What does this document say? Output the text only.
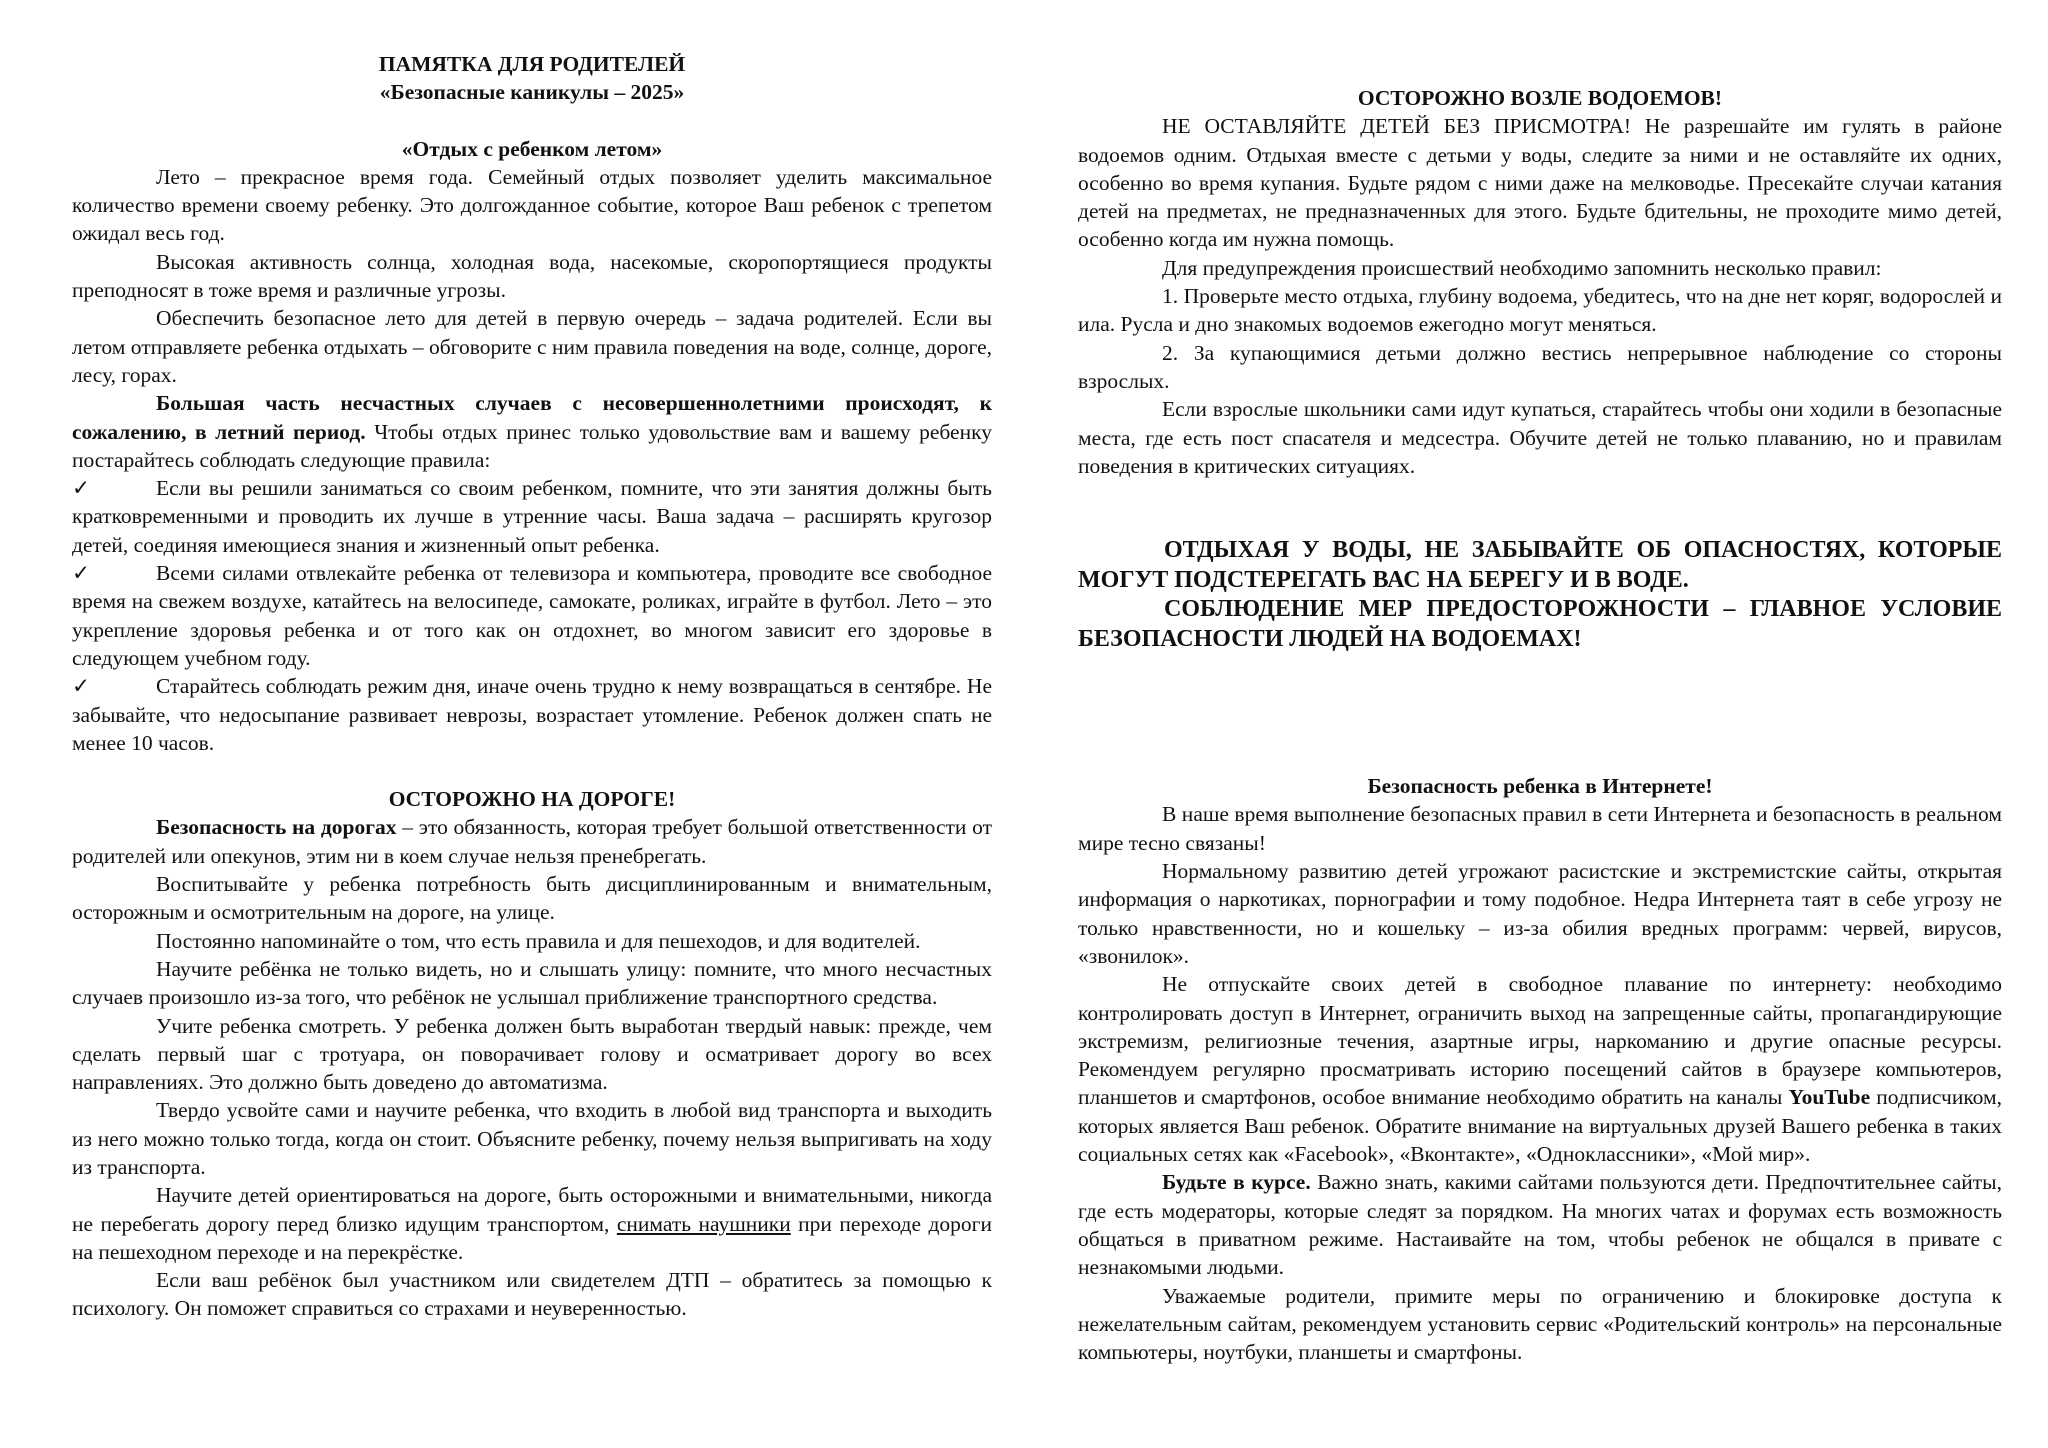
ПАМЯТКА ДЛЯ РОДИТЕЛЕЙ

«Безопасные каникулы – 2025»

«Отдых с ребенком летом»

Лето – прекрасное время года. Семейный отдых позволяет уделить максимальное количество времени своему ребенку. Это долгожданное событие, которое Ваш ребенок с трепетом ожидал весь год.

Высокая активность солнца, холодная вода, насекомые, скоропортящиеся продукты преподносят в тоже время и различные угрозы.

Обеспечить безопасное лето для детей в первую очередь – задача родителей. Если вы летом отправляете ребенка отдыхать – обговорите с ним правила поведения на воде, солнце, дороге, лесу, горах.

Большая часть несчастных случаев с несовершеннолетними происходят, к сожалению, в летний период. Чтобы отдых принес только удовольствие вам и вашему ребенку постарайтесь соблюдать следующие правила:

✓	Если вы решили заниматься со своим ребенком, помните, что эти занятия должны быть кратковременными и проводить их лучше в утренние часы. Ваша задача – расширять кругозор детей, соединяя имеющиеся знания и жизненный опыт ребенка.

✓	Всеми силами отвлекайте ребенка от телевизора и компьютера, проводите все свободное время на свежем воздухе, катайтесь на велосипеде, самокате, роликах, играйте в футбол. Лето – это укрепление здоровья ребенка и от того как он отдохнет, во многом зависит его здоровье в следующем учебном году.

✓	Старайтесь соблюдать режим дня, иначе очень трудно к нему возвращаться в сентябре. Не забывайте, что недосыпание развивает неврозы, возрастает утомление. Ребенок должен спать не менее 10 часов.

ОСТОРОЖНО НА ДОРОГЕ!

Безопасность на дорогах – это обязанность, которая требует большой ответственности от родителей или опекунов, этим ни в коем случае нельзя пренебрегать.

Воспитывайте у ребенка потребность быть дисциплинированным и внимательным, осторожным и осмотрительным на дороге, на улице.

Постоянно напоминайте о том, что есть правила и для пешеходов, и для водителей.

Научите ребёнка не только видеть, но и слышать улицу: помните, что много несчастных случаев произошло из-за того, что ребёнок не услышал приближение транспортного средства.

Учите ребенка смотреть. У ребенка должен быть выработан твердый навык: прежде, чем сделать первый шаг с тротуара, он поворачивает голову и осматривает дорогу во всех направлениях. Это должно быть доведено до автоматизма.

Твердо усвойте сами и научите ребенка, что входить в любой вид транспорта и выходить из него можно только тогда, когда он стоит. Объясните ребенку, почему нельзя выпригивать на ходу из транспорта.

Научите детей ориентироваться на дороге, быть осторожными и внимательными, никогда не перебегать дорогу перед близко идущим транспортом, снимать наушники при переходе дороги на пешеходном переходе и на перекрёстке.

Если ваш ребёнок был участником или свидетелем ДТП – обратитесь за помощью к психологу. Он поможет справиться со страхами и неуверенностью.

ОСТОРОЖНО ВОЗЛЕ ВОДОЕМОВ!

НЕ ОСТАВЛЯЙТЕ ДЕТЕЙ БЕЗ ПРИСМОТРА! Не разрешайте им гулять в районе водоемов одним. Отдыхая вместе с детьми у воды, следите за ними и не оставляйте их одних, особенно во время купания. Будьте рядом с ними даже на мелководье. Пресекайте случаи катания детей на предметах, не предназначенных для этого. Будьте бдительны, не проходите мимо детей, особенно когда им нужна помощь.

Для предупреждения происшествий необходимо запомнить несколько правил:

1. Проверьте место отдыха, глубину водоема, убедитесь, что на дне нет коряг, водорослей и ила. Русла и дно знакомых водоемов ежегодно могут меняться.

2. За купающимися детьми должно вестись непрерывное наблюдение со стороны взрослых.

Если взрослые школьники сами идут купаться, старайтесь чтобы они ходили в безопасные места, где есть пост спасателя и медсестра. Обучите детей не только плаванию, но и правилам поведения в критических ситуациях.

ОТДЫХАЯ У ВОДЫ, НЕ ЗАБЫВАЙТЕ ОБ ОПАСНОСТЯХ, КОТОРЫЕ МОГУТ ПОДСТЕРЕГАТЬ ВАС НА БЕРЕГУ И В ВОДЕ.

СОБЛЮДЕНИЕ МЕР ПРЕДОСТОРОЖНОСТИ – ГЛАВНОЕ УСЛОВИЕ БЕЗОПАСНОСТИ ЛЮДЕЙ НА ВОДОЕМАХ!

Безопасность ребенка в Интернете!

В наше время выполнение безопасных правил в сети Интернета и безопасность в реальном мире тесно связаны!

Нормальному развитию детей угрожают расистские и экстремистские сайты, открытая информация о наркотиках, порнографии и тому подобное. Недра Интернета таят в себе угрозу не только нравственности, но и кошельку – из-за обилия вредных программ: червей, вирусов, «звонилок».

Не отпускайте своих детей в свободное плавание по интернету: необходимо контролировать доступ в Интернет, ограничить выход на запрещенные сайты, пропагандирующие экстремизм, религиозные течения, азартные игры, наркоманию и другие опасные ресурсы. Рекомендуем регулярно просматривать историю посещений сайтов в браузере компьютеров, планшетов и смартфонов, особое внимание необходимо обратить на каналы YouTube подписчиком, которых является Ваш ребенок. Обратите внимание на виртуальных друзей Вашего ребенка в таких социальных сетях как «Facebook», «Вконтакте», «Одноклассники», «Мой мир».

Будьте в курсе. Важно знать, какими сайтами пользуются дети. Предпочтительнее сайты, где есть модераторы, которые следят за порядком. На многих чатах и форумах есть возможность общаться в приватном режиме. Настаивайте на том, чтобы ребенок не общался в привате с незнакомыми людьми.

Уважаемые родители, примите меры по ограничению и блокировке доступа к нежелательным сайтам, рекомендуем установить сервис «Родительский контроль» на персональные компьютеры, ноутбуки, планшеты и смартфоны.
